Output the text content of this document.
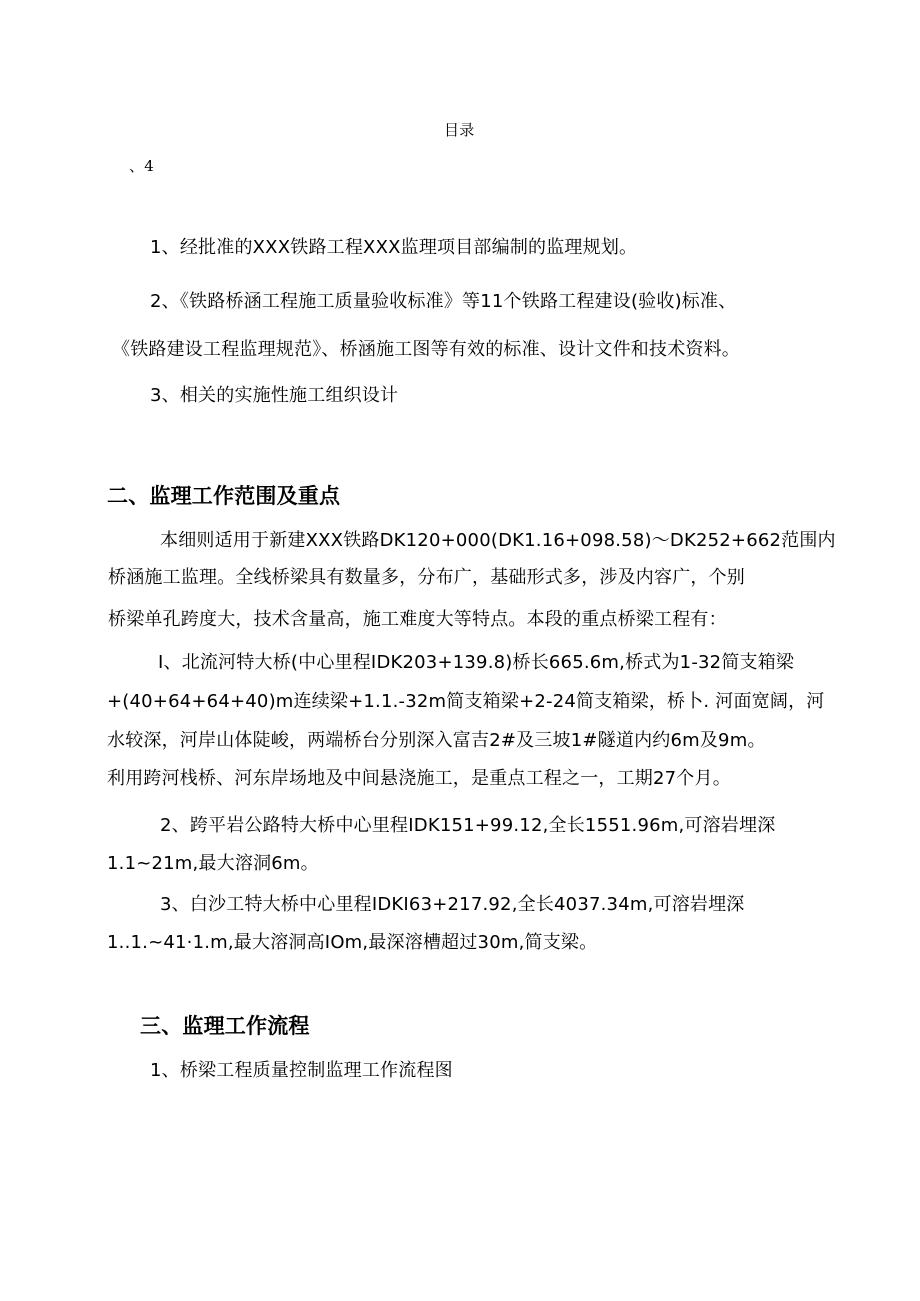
目录
、4
1、经批准的XXX铁路工程XXX监理项目部编制的监理规划。
2、《铁路桥涵工程施工质量验收标准》等11个铁路工程建设(验收)标准、
《铁路建设工程监理规范》、桥涵施工图等有效的标准、设计文件和技术资料。
3、相关的实施性施工组织设计
二、监理工作范围及重点
本细则适用于新建XXX铁路DK120+000(DK1.16+098.58)〜DK252+662范围内
桥涵施工监理。全线桥梁具有数量多，分布广，基础形式多，涉及内容广，个别
桥梁单孔跨度大，技术含量高，施工难度大等特点。本段的重点桥梁工程有：
I、北流河特大桥(中心里程IDK203+139.8)桥长665.6m,桥式为1-32简支箱梁
+(40+64+64+40)m连续梁+1.1.-32m简支箱梁+2-24简支箱梁，桥卜. 河面宽阔，河
水较深，河岸山体陡峻，两端桥台分别深入富吉2#及三坡1#隧道内约6m及9m。
利用跨河栈桥、河东岸场地及中间悬浇施工，是重点工程之一，工期27个月。
2、跨平岩公路特大桥中心里程IDK151+99.12,全长1551.96m,可溶岩埋深
1.1~21m,最大溶洞6m。
3、白沙工特大桥中心里程IDKI63+217.92,全长4037.34m,可溶岩埋深
1..1.~41·1.m,最大溶洞高IOm,最深溶槽超过30m,简支梁。
三、监理工作流程
1、桥梁工程质量控制监理工作流程图
